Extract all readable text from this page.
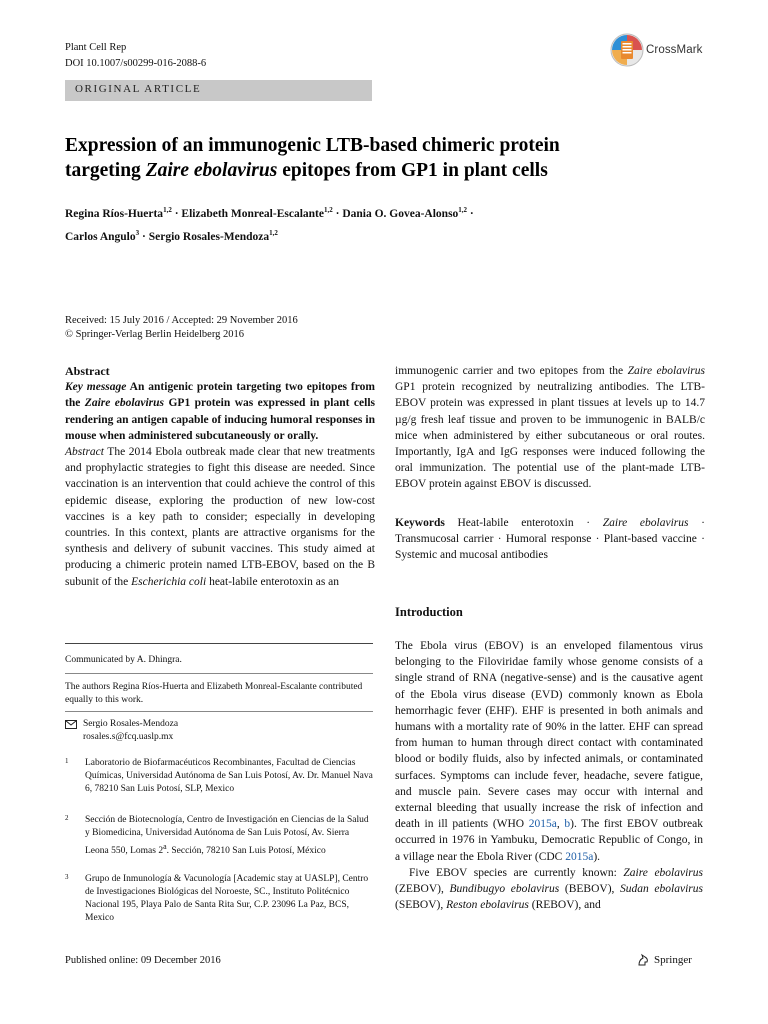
Plant Cell Rep
DOI 10.1007/s00299-016-2088-6
CrossMark
ORIGINAL ARTICLE
Expression of an immunogenic LTB-based chimeric protein
targeting Zaire ebolavirus epitopes from GP1 in plant cells
Regina Ríos-Huerta$^{1,2}$ · Elizabeth Monreal-Escalante$^{1,2}$ · Dania O. Govea-Alonso$^{1,2}$ ·
Carlos Angulo$^3$ · Sergio Rosales-Mendoza$^{1,2}$
Received: 15 July 2016 / Accepted: 29 November 2016
© Springer-Verlag Berlin Heidelberg 2016
Abstract

Key message An antigenic protein targeting two epitopes from the Zaire ebolavirus GP1 protein was expressed in plant cells rendering an antigen capable of inducing humoral responses in mouse when administered subcutaneously or orally.

Abstract The 2014 Ebola outbreak made clear that new treatments and prophylactic strategies to fight this disease are needed. Since vaccination is an intervention that could achieve the control of this epidemic disease, exploring the production of new low-cost vaccines is a key path to consider; especially in developing countries. In this context, plants are attractive organisms for the synthesis and delivery of subunit vaccines. This study aimed at producing a chimeric protein named LTB-EBOV, based on the B subunit of the Escherichia coli heat-labile enterotoxin as an

Communicated by A. Dhingra.
The authors Regina Ríos-Huerta and Elizabeth Monreal-Escalante contributed equally to this work.
Sergio Rosales-Mendoza
rosales.s@fcq.uaslp.mx
1 Laboratorio de Biofarmacéuticos Recombinantes, Facultad de Ciencias Químicas, Universidad Autónoma de San Luis Potosí, Av. Dr. Manuel Nava 6, 78210 San Luis Potosí, SLP, Mexico
2 Sección de Biotecnología, Centro de Investigación en Ciencias de la Salud y Biomedicina, Universidad Autónoma de San Luis Potosí, Av. Sierra Leona 550, Lomas 2$^a$. Sección, 78210 San Luis Potosí, México
3 Grupo de Inmunología & Vacunología [Academic stay at UASLP], Centro de Investigaciones Biológicas del Noroeste, SC., Instituto Politécnico Nacional 195, Playa Palo de Santa Rita Sur, C.P. 23096 La Paz, BCS, Mexico

immunogenic carrier and two epitopes from the Zaire ebolavirus GP1 protein recognized by neutralizing antibodies. The LTB-EBOV protein was expressed in plant tissues at levels up to 14.7 µg/g fresh leaf tissue and proven to be immunogenic in BALB/c mice when administered by either subcutaneous or oral routes. Importantly, IgA and IgG responses were induced following the oral immunization. The potential use of the plant-made LTB-EBOV protein against EBOV is discussed.

Keywords Heat-labile enterotoxin · Zaire ebolavirus · Transmucosal carrier · Humoral response · Plant-based vaccine · Systemic and mucosal antibodies

Introduction

The Ebola virus (EBOV) is an enveloped filamentous virus belonging to the Filoviridae family whose genome consists of a single strand of RNA (negative-sense) and is the causative agent of the Ebola virus disease (EVD) commonly known as Ebola hemorrhagic fever (EHF). EHF is presented in both animals and humans with a mortality rate of 90% in the latter. EHF can spread from human to human through direct contact with contaminated blood or bodily fluids, also by infected animals, or contaminated surfaces. Symptoms can include fever, headache, severe fatigue, and muscle pain. Severe cases may occur with internal and external bleeding that usually increase the risk of infection and death in ill patients (WHO 2015a, b). The first EBOV outbreak occurred in 1976 in Yambuku, Democratic Republic of Congo, in a village near the Ebola River (CDC 2015a).

Five EBOV species are currently known: Zaire ebolavirus (ZEBOV), Bundibugyo ebolavirus (BEBOV), Sudan ebolavirus (SEBOV), Reston ebolavirus (REBOV), and

Published online: 09 December 2016	Springer
